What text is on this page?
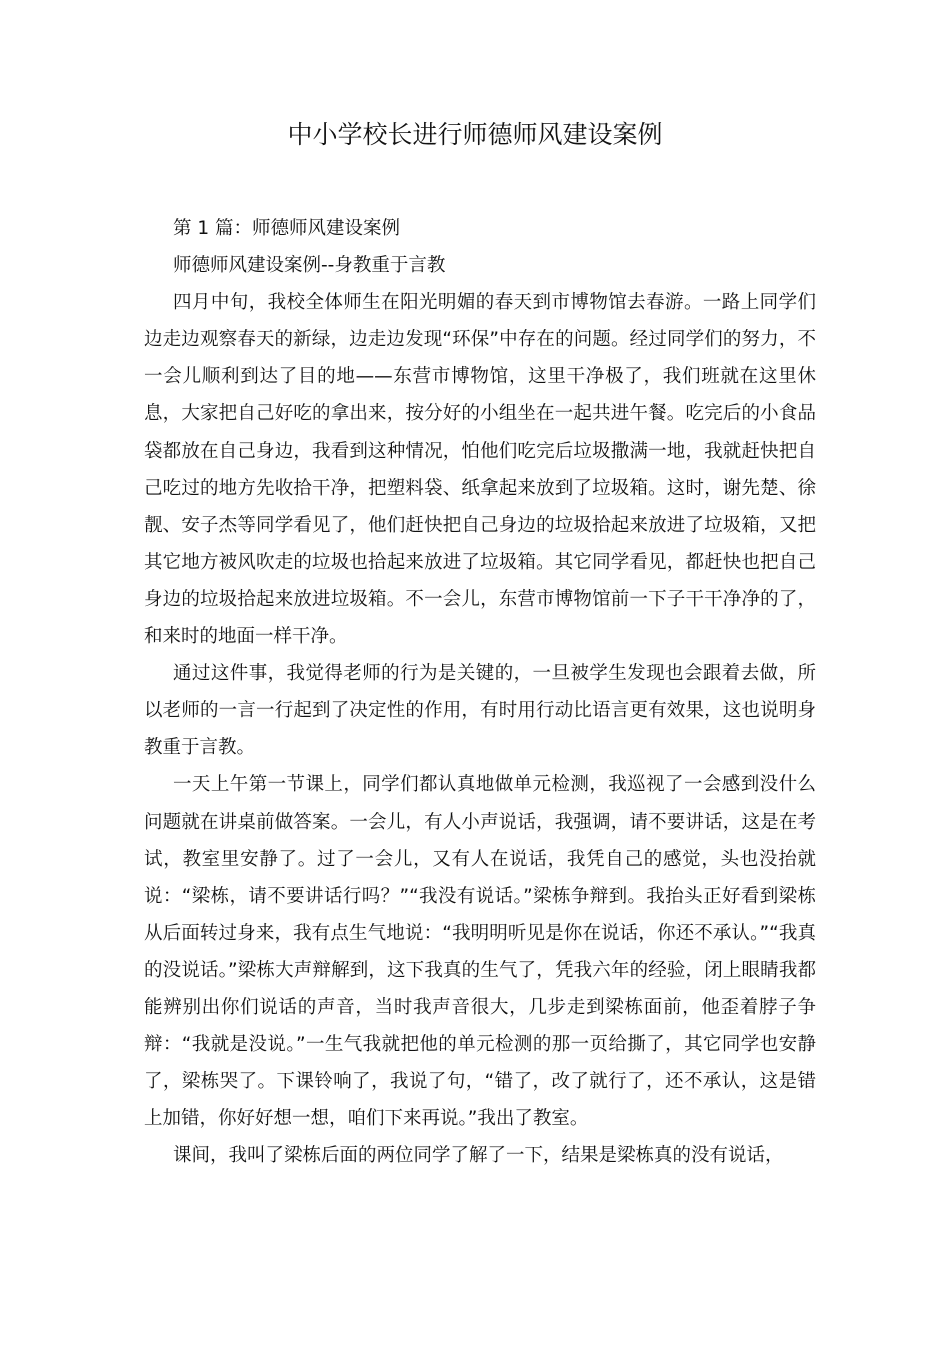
中小学校长进行师德师风建设案例

第 1 篇：师德师风建设案例

师德师风建设案例--身教重于言教

四月中旬，我校全体师生在阳光明媚的春天到市博物馆去春游。一路上同学们边走边观察春天的新绿，边走边发现“环保”中存在的问题。经过同学们的努力，不一会儿顺利到达了目的地——东营市博物馆，这里干净极了，我们班就在这里休息，大家把自己好吃的拿出来，按分好的小组坐在一起共进午餐。吃完后的小食品袋都放在自己身边，我看到这种情况，怕他们吃完后垃圾撒满一地，我就赶快把自己吃过的地方先收拾干净，把塑料袋、纸拿起来放到了垃圾箱。这时，谢先楚、徐靓、安子杰等同学看见了，他们赶快把自己身边的垃圾拾起来放进了垃圾箱，又把其它地方被风吹走的垃圾也拾起来放进了垃圾箱。其它同学看见，都赶快也把自己身边的垃圾拾起来放进垃圾箱。不一会儿，东营市博物馆前一下子干干净净的了，和来时的地面一样干净。

通过这件事，我觉得老师的行为是关键的，一旦被学生发现也会跟着去做，所以老师的一言一行起到了决定性的作用，有时用行动比语言更有效果，这也说明身教重于言教。

一天上午第一节课上，同学们都认真地做单元检测，我巡视了一会感到没什么问题就在讲桌前做答案。一会儿，有人小声说话，我强调，请不要讲话，这是在考试，教室里安静了。过了一会儿，又有人在说话，我凭自己的感觉，头也没抬就说：“梁栋，请不要讲话行吗？”“我没有说话。”梁栋争辩到。我抬头正好看到梁栋从后面转过身来，我有点生气地说：“我明明听见是你在说话，你还不承认。”“我真的没说话。”梁栋大声辩解到，这下我真的生气了，凭我六年的经验，闭上眼睛我都能辨别出你们说话的声音，当时我声音很大，几步走到梁栋面前，他歪着脖子争辩：“我就是没说。”一生气我就把他的单元检测的那一页给撕了，其它同学也安静了，梁栋哭了。下课铃响了，我说了句，“错了，改了就行了，还不承认，这是错上加错，你好好想一想，咱们下来再说。”我出了教室。

课间，我叫了梁栋后面的两位同学了解了一下，结果是梁栋真的没有说话，
